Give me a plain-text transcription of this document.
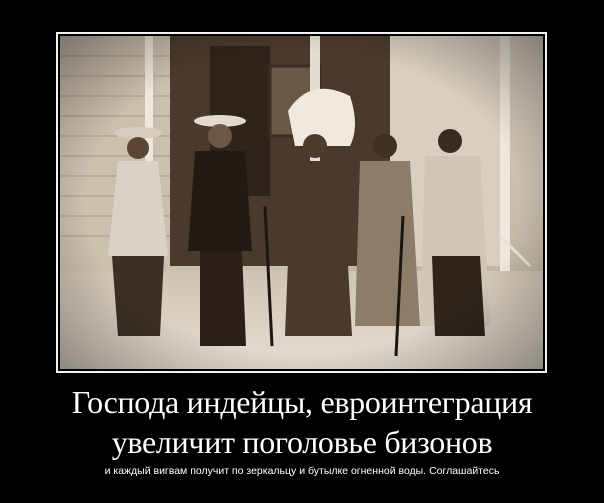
Господа индейцы, евроинтеграция
увеличит поголовье бизонов
и каждый вигвам получит по зеркальцу и бутылке огненной воды. Соглашайтесь
